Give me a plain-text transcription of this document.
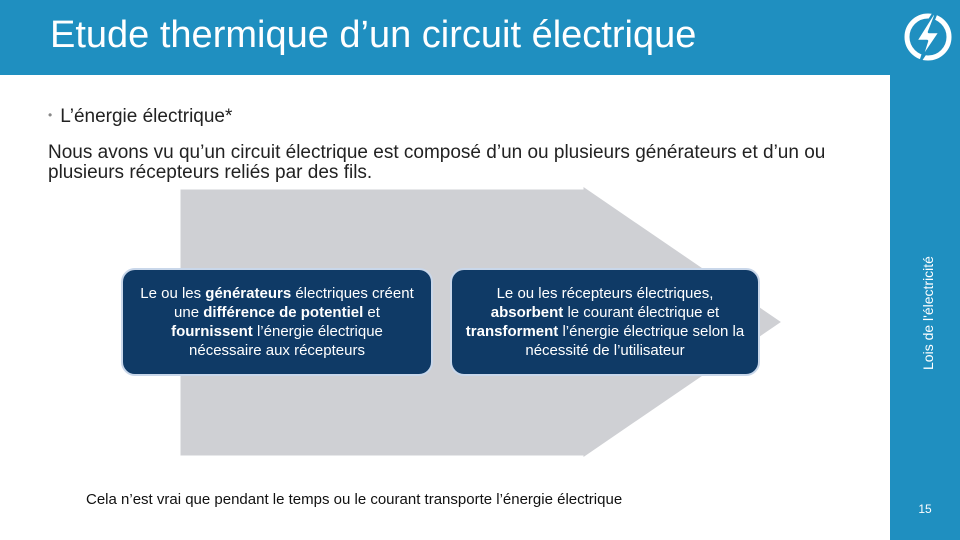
Etude thermique d’un circuit électrique
Lois de l'électricité
15
• L’énergie électrique*

Nous avons vu qu’un circuit électrique est composé d’un ou plusieurs générateurs et d’un ou plusieurs récepteurs reliés par des fils.

Le ou les générateurs électriques créent une différence de potentiel et fournissent l’énergie électrique nécessaire aux récepteurs

Le ou les récepteurs électriques, absorbent le courant électrique et transforment l’énergie électrique selon la nécessité de l’utilisateur

Cela n’est vrai que pendant le temps ou le courant transporte l’énergie électrique
